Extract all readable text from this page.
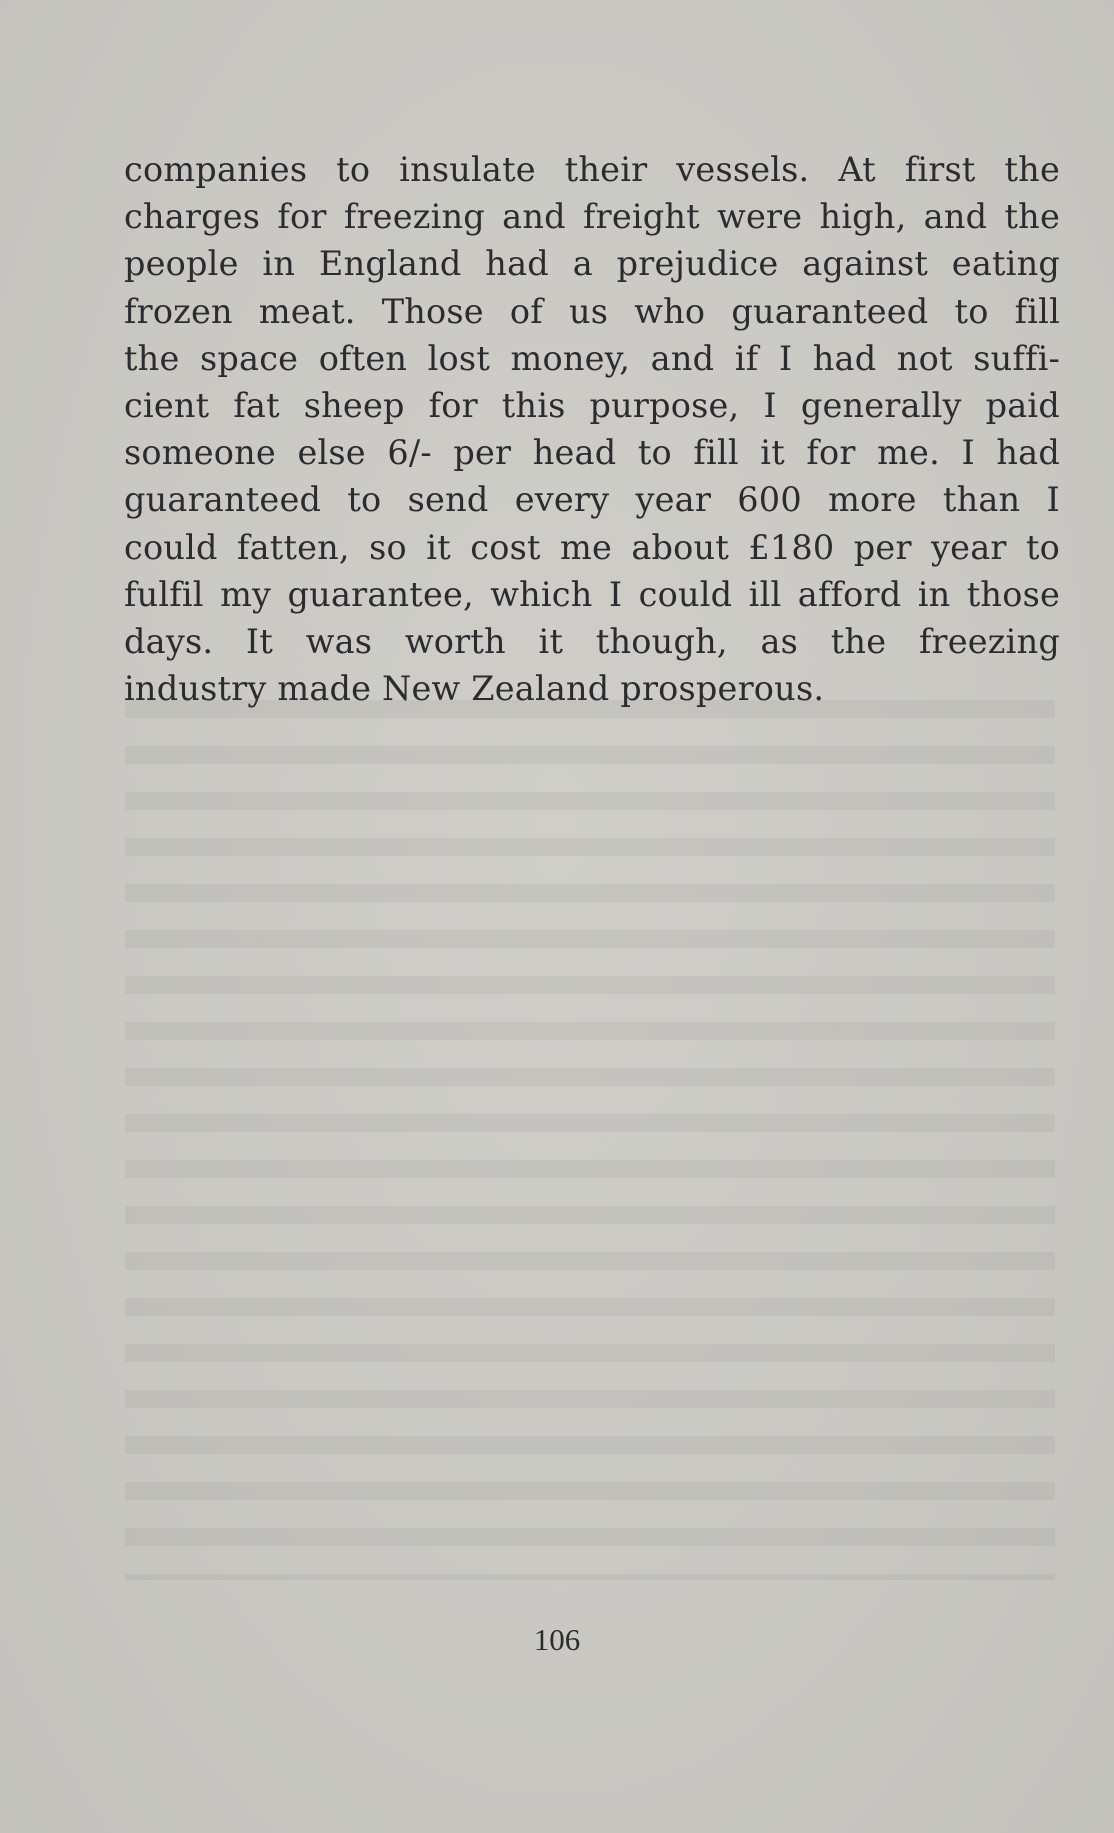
companies to insulate their vessels. At first the
charges for freezing and freight were high, and the
people in England had a prejudice against eating
frozen meat. Those of us who guaranteed to fill
the space often lost money, and if I had not suffi-
cient fat sheep for this purpose, I generally paid
someone else 6/- per head to fill it for me. I had
guaranteed to send every year 600 more than I
could fatten, so it cost me about £180 per year to
fulfil my guarantee, which I could ill afford in those
days. It was worth it though, as the freezing
industry made New Zealand prosperous.
106
